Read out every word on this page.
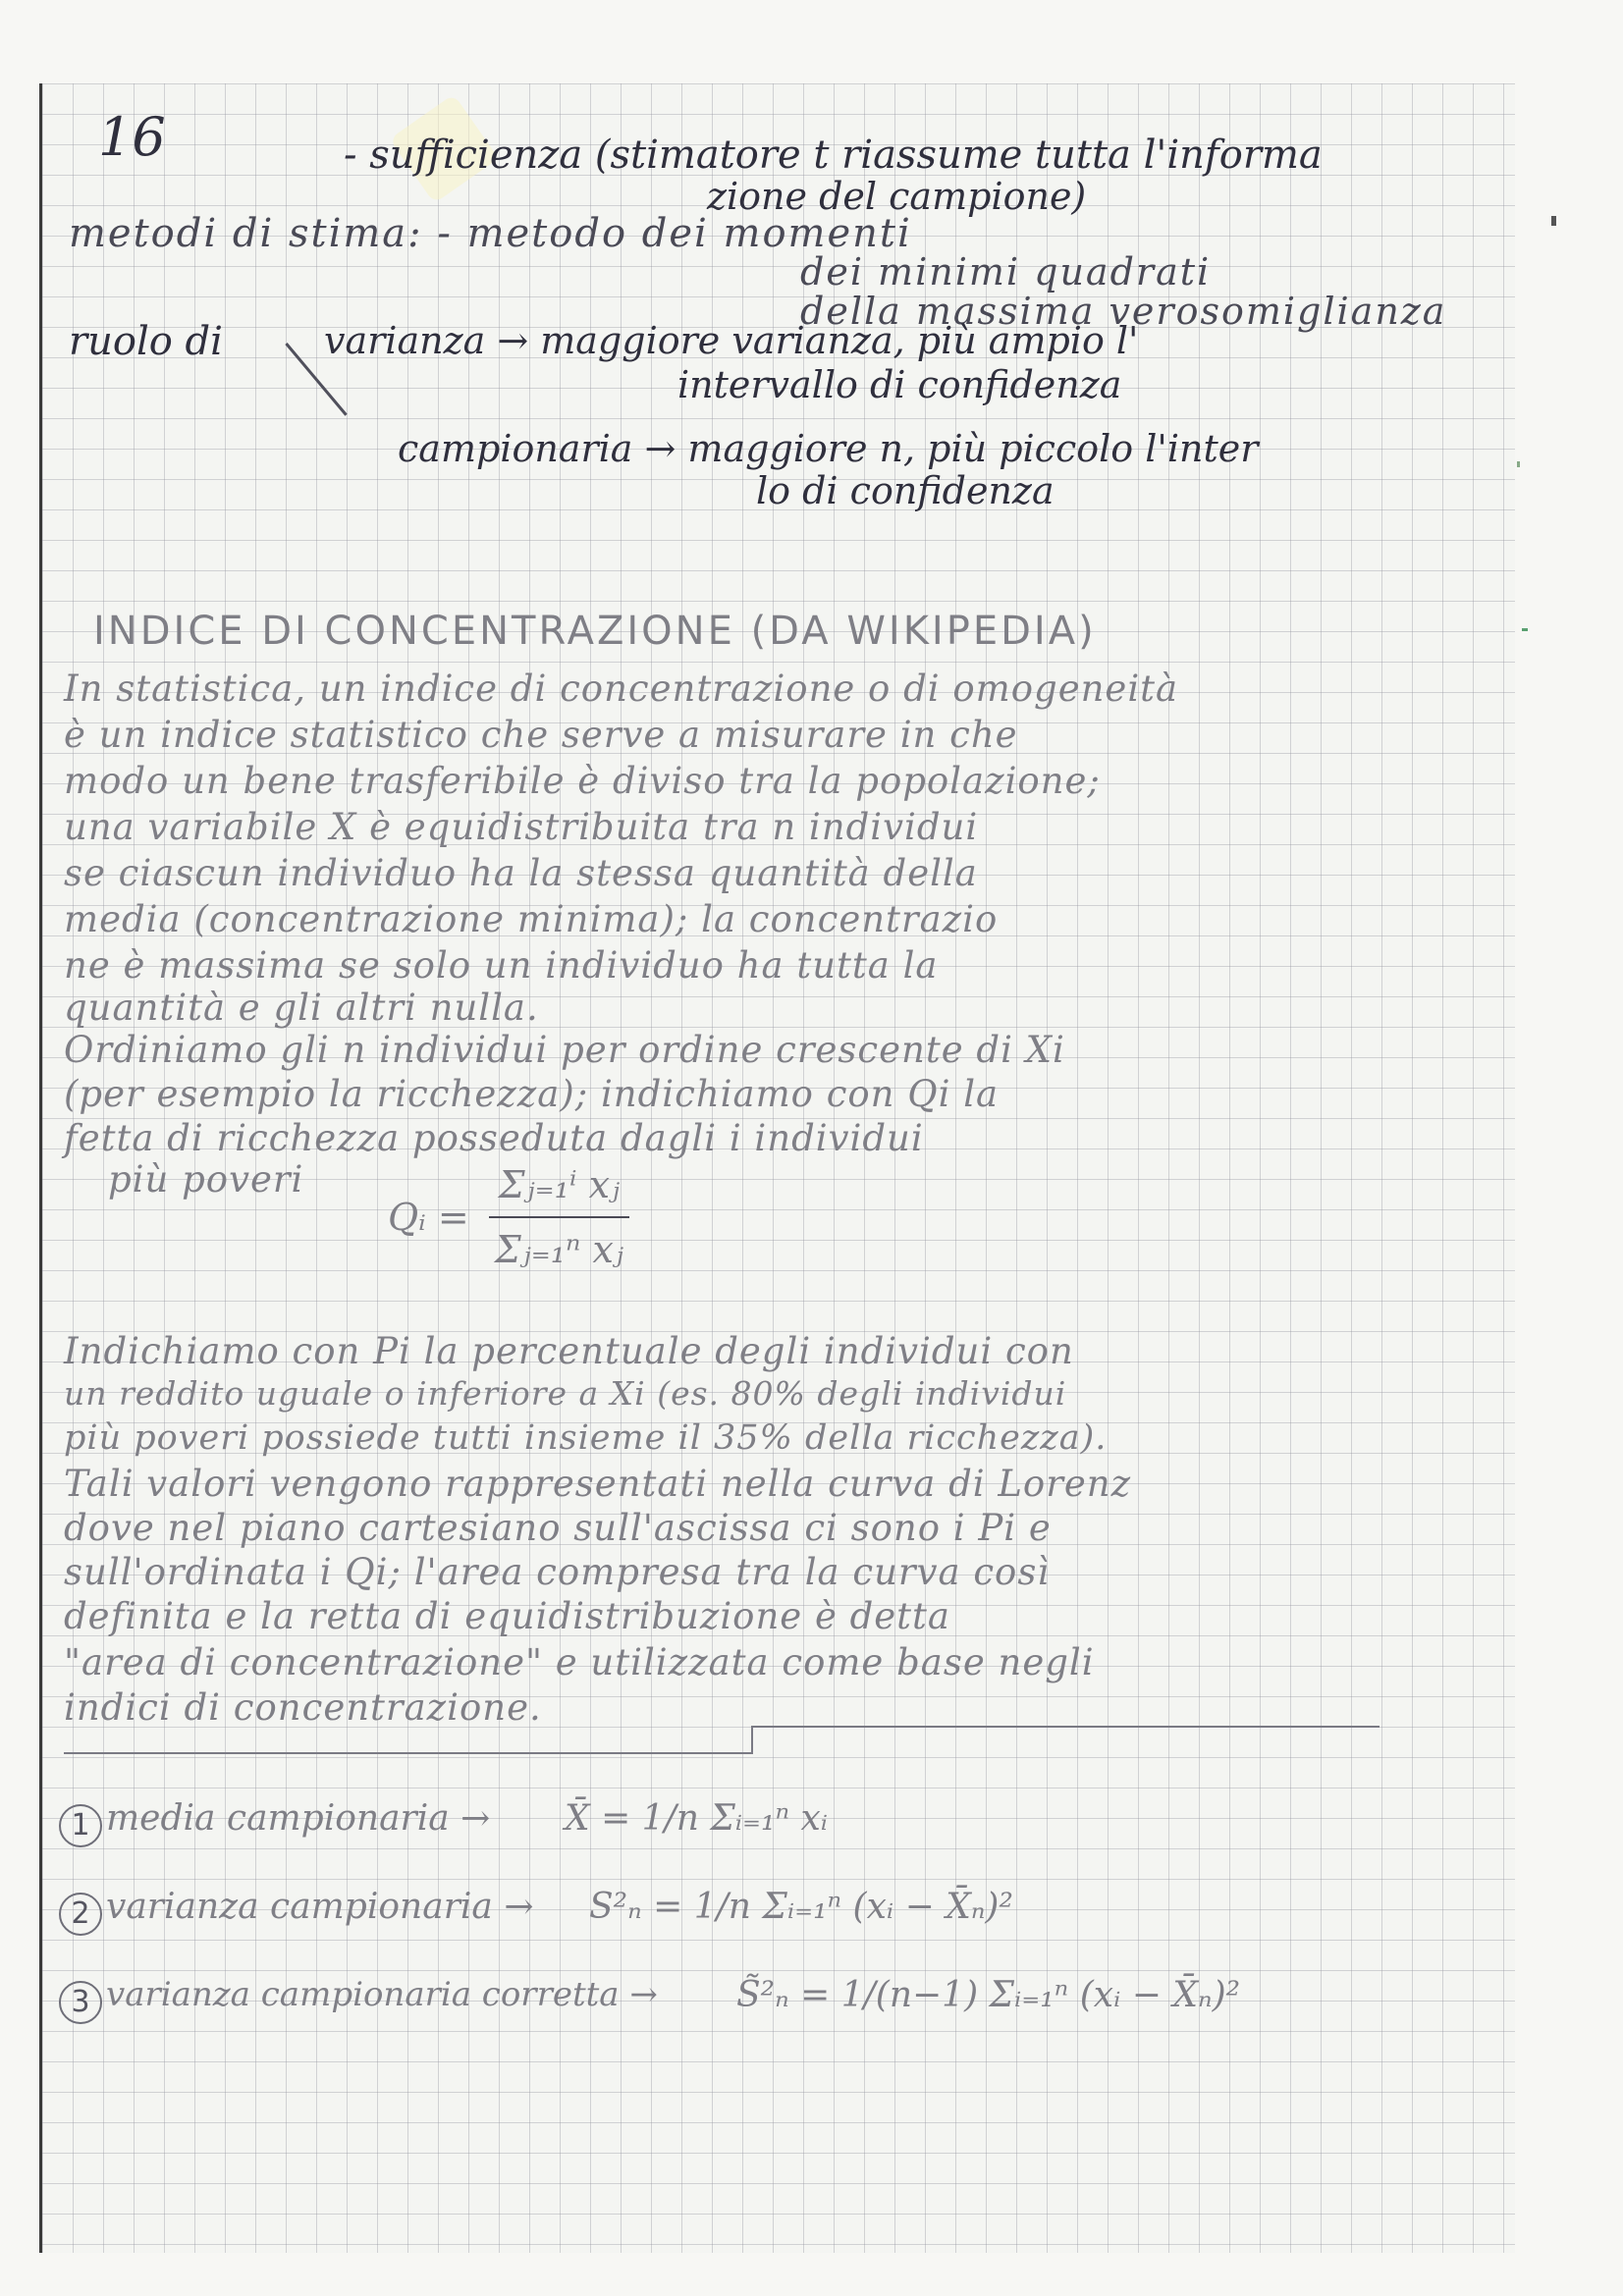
16	- sufficienza (stimatore t riassume tutta l'informa
zione del campione)
metodi di stima: - metodo dei momenti
dei minimi quadrati
della massima verosomiglianza
ruolo di	varianza → maggiore varianza, più ampio l'
intervallo di confidenza
campionaria → maggiore n, più piccolo l'inter
lo di confidenza
INDICE DI CONCENTRAZIONE (DA WIKIPEDIA)
In statistica, un indice di concentrazione o di omogeneità
è un indice statistico che serve a misurare in che
modo un bene trasferibile è diviso tra la popolazione;
una variabile X è equidistribuita tra n individui
se ciascun individuo ha la stessa quantità della
media (concentrazione minima); la concentrazio
ne è massima se solo un individuo ha tutta la
quantità e gli altri nulla.
Ordiniamo gli n individui per ordine crescente di Xi
(per esempio la ricchezza); indichiamo con Qi la
fetta di ricchezza posseduta dagli i individui
più poveri
Qᵢ = $\frac{\text{Σⱼ₌₁ⁱ xⱼ}}{\text{Σⱼ₌₁ⁿ xⱼ}}$
Indichiamo con Pi la percentuale degli individui con
un reddito uguale o inferiore a Xi (es. 80% degli individui
più poveri possiede tutti insieme il 35% della ricchezza).
Tali valori vengono rappresentati nella curva di Lorenz
dove nel piano cartesiano sull'ascissa ci sono i Pi e
sull'ordinata i Qi; l'area compresa tra la curva così
definita e la retta di equidistribuzione è detta
"area di concentrazione" e utilizzata come base negli
indici di concentrazione.
1 media campionaria → X̄ = 1/n Σᵢ₌₁ⁿ xᵢ
2 varianza campionaria → S²ₙ = 1/n Σᵢ₌₁ⁿ (xᵢ − X̄ₙ)²
3 varianza campionaria corretta → S̃²ₙ = 1/(n−1) Σᵢ₌₁ⁿ (xᵢ − X̄ₙ)²
